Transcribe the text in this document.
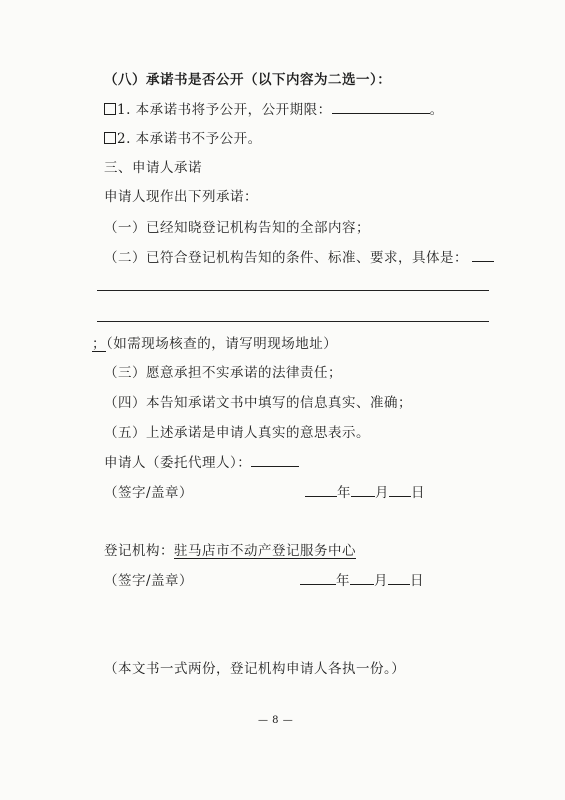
（八）承诺书是否公开（以下内容为二选一）：
1. 本承诺书将予公开，公开期限：	。
2. 本承诺书不予公开。
三、申请人承诺
申请人现作出下列承诺：
（一）已经知晓登记机构告知的全部内容；
（二）已符合登记机构告知的条件、标准、要求，具体是：
；（如需现场核查的，请写明现场地址）
（三）愿意承担不实承诺的法律责任；
（四）本告知承诺文书中填写的信息真实、准确；
（五）上述承诺是申请人真实的意思表示。
申请人（委托代理人）：
（签字/盖章）	年 月 日
登记机构：驻马店市不动产登记服务中心
（签字/盖章）	年 月 日
（本文书一式两份，登记机构申请人各执一份。）
— 8 —
